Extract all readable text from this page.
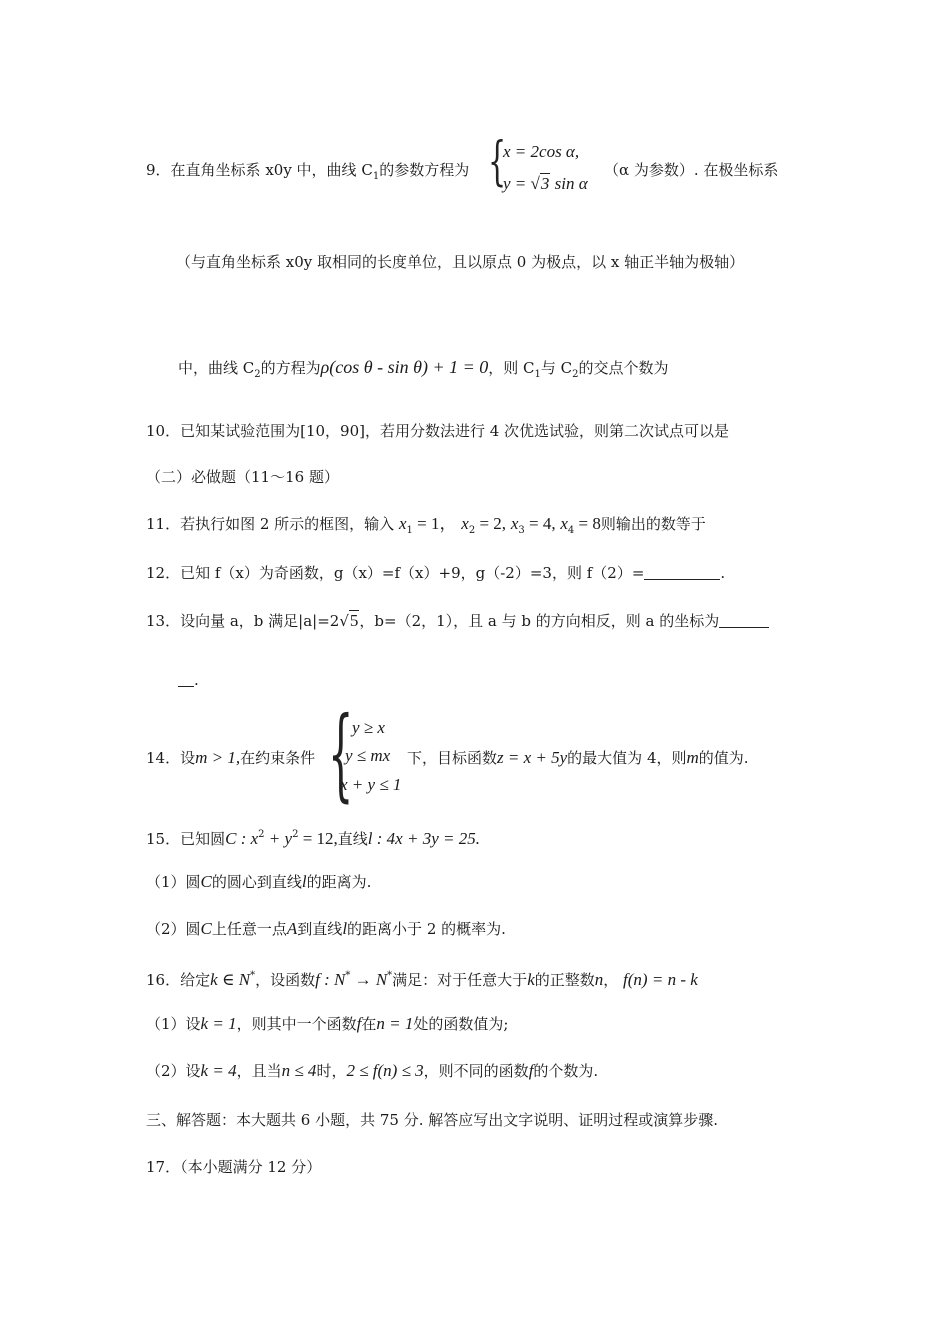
9．在直角坐标系 x0y 中，曲线 $C_1$的参数方程为 {
x = 2cos α,
y = √3 sin α
（α 为参数）. 在极坐标系
（与直角坐标系 x0y 取相同的长度单位，且以原点 0 为极点，以 x 轴正半轴为极轴）
中，曲线 $C_2$的方程为ρ(cos θ - sin θ) + 1 = 0，则 $C_1$与 $C_2$的交点个数为
10．已知某试验范围为[10，90]，若用分数法进行 4 次优选试验，则第二次试点可以是
（二）必做题（11～16 题）
11．若执行如图 2 所示的框图，输入 $x_1 = 1$， $x_2 = 2$, $x_3 = 4$, $x_4 = 8$则输出的数等于
12．已知 f（x）为奇函数，g（x）=f（x）+9，g（-2）=3，则 f（2）=	.
13．设向量 a，b 满足|a|=2√5，b=（2，1），且 a 与 b 的方向相反，则 a 的坐标为
.
14．设m > 1,在约束条件 {
y ≥ x
y ≤ mx
x + y ≤ 1
下，目标函数z = x + 5y的最大值为 4，则m的值为.
15．已知圆C : $x^2 + y^2 = 12$,直线l : 4x + 3y = 25.
（1）圆C的圆心到直线l的距离为.
（2）圆C上任意一点A到直线l的距离小于 2 的概率为.
16．给定k ∈ N*，设函数f : N* → N*满足：对于任意大于k的正整数n， f(n) = n - k
（1）设k = 1，则其中一个函数f在n = 1处的函数值为;
（2）设k = 4，且当n ≤ 4时，2 ≤ f(n) ≤ 3，则不同的函数f的个数为.
三、解答题：本大题共 6 小题，共 75 分. 解答应写出文字说明、证明过程或演算步骤.
17．（本小题满分 12 分）
